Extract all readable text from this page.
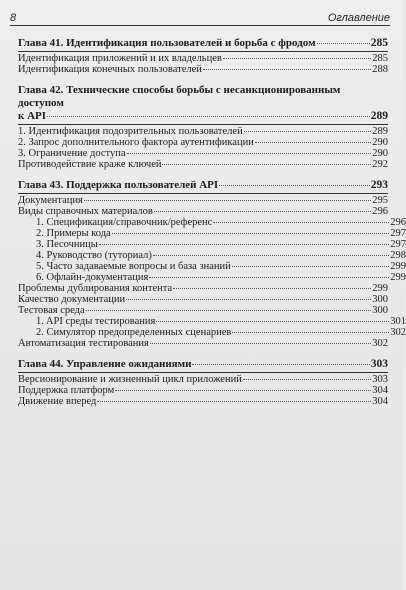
8	Оглавление
Глава 41. Идентификация пользователей и борьба с фродом	285
Идентификация приложений и их владельцев	285
Идентификация конечных пользователей	288
Глава 42. Технические способы борьбы с несанкционированным доступом
к API	289
1. Идентификация подозрительных пользователей	289
2. Запрос дополнительного фактора аутентификации	290
3. Ограничение доступа	290
Противодействие краже ключей	292
Глава 43. Поддержка пользователей API	293
Документация	295
Виды справочных материалов	296
1. Спецификация/справочник/референс	296
2. Примеры кода	297
3. Песочницы	297
4. Руководство (туториал)	298
5. Часто задаваемые вопросы и база знаний	299
6. Офлайн-документация	299
Проблемы дублирования контента	299
Качество документации	300
Тестовая среда	300
1. API среды тестирования	301
2. Симулятор предопределенных сценариев	302
Автоматизация тестирования	302
Глава 44. Управление ожиданиями	303
Версионирование и жизненный цикл приложений	303
Поддержка платформ	304
Движение вперед	304
